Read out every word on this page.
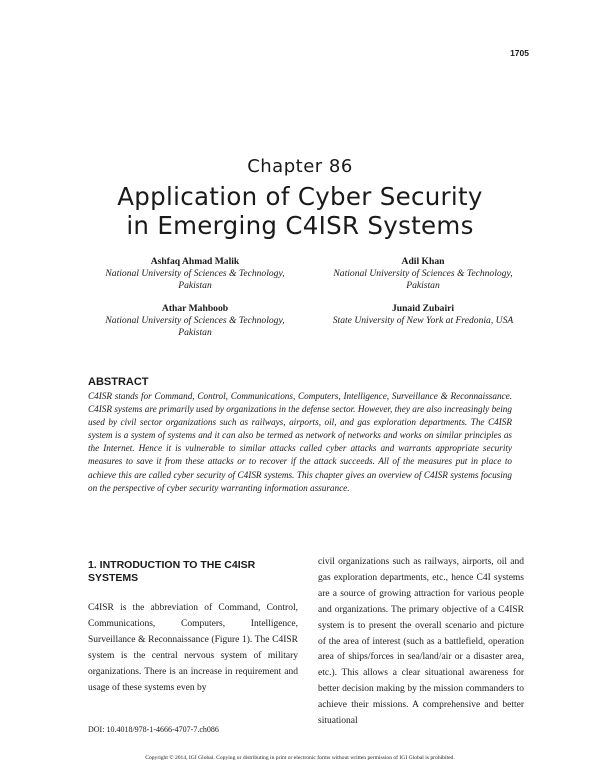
1705
Chapter 86
Application of Cyber Security
in Emerging C4ISR Systems
Ashfaq Ahmad Malik
National University of Sciences & Technology,
Pakistan
Adil Khan
National University of Sciences & Technology,
Pakistan
Athar Mahboob
National University of Sciences & Technology,
Pakistan
Junaid Zubairi
State University of New York at Fredonia, USA
ABSTRACT

C4ISR stands for Command, Control, Communications, Computers, Intelligence, Surveillance & Reconnaissance. C4ISR systems are primarily used by organizations in the defense sector. However, they are also increasingly being used by civil sector organizations such as railways, airports, oil, and gas exploration departments. The C4ISR system is a system of systems and it can also be termed as network of networks and works on similar principles as the Internet. Hence it is vulnerable to similar attacks called cyber attacks and warrants appropriate security measures to save it from these attacks or to recover if the attack succeeds. All of the measures put in place to achieve this are called cyber security of C4ISR systems. This chapter gives an overview of C4ISR systems focusing on the perspective of cyber security warranting information assurance.

1. INTRODUCTION TO THE C4ISR SYSTEMS

C4ISR is the abbreviation of Command, Control, Communications, Computers, Intelligence, Surveillance & Reconnaissance (Figure 1). The C4ISR system is the central nervous system of military organizations. There is an increase in requirement and usage of these systems even by

civil organizations such as railways, airports, oil and gas exploration departments, etc., hence C4I systems are a source of growing attraction for various people and organizations. The primary objective of a C4ISR system is to present the overall scenario and picture of the area of interest (such as a battlefield, operation area of ships/forces in sea/land/air or a disaster area, etc.). This allows a clear situational awareness for better decision making by the mission commanders to achieve their missions. A comprehensive and better situational

DOI: 10.4018/978-1-4666-4707-7.ch086
Copyright © 2014, IGI Global. Copying or distributing in print or electronic forms without written permission of IGI Global is prohibited.
